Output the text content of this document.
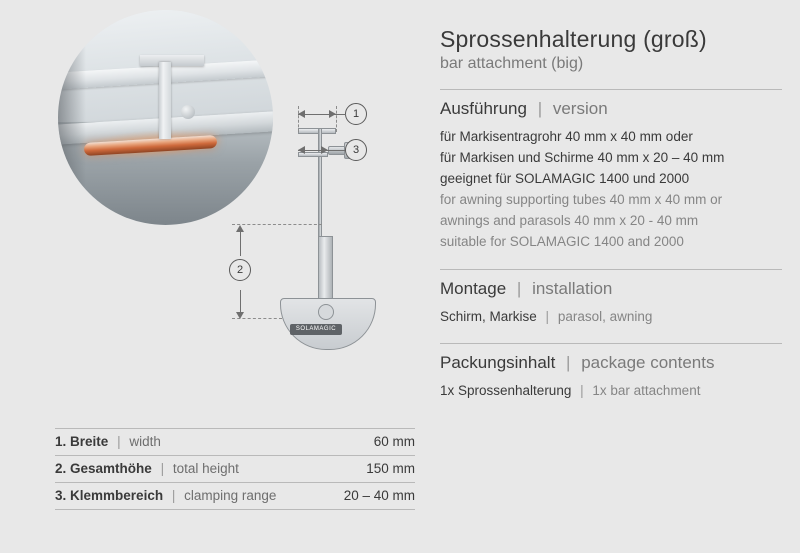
SOLAMAGIC
1
3
2
1. Breite | width	60 mm
2. Gesamthöhe | total height	150 mm
3. Klemmbereich | clamping range	20 – 40 mm
Sprossenhalterung (groß)
bar attachment (big)
Ausführung | version
für Markisentragrohr 40 mm x 40 mm oder
für Markisen und Schirme 40 mm x 20 – 40 mm
geeignet für SOLAMAGIC 1400 und 2000
for awning supporting tubes 40 mm x 40 mm or
awnings and parasols 40 mm x 20 - 40 mm
suitable for SOLAMAGIC 1400 and 2000
Montage | installation
Schirm, Markise | parasol, awning
Packungsinhalt | package contents
1x Sprossenhalterung | 1x bar attachment
